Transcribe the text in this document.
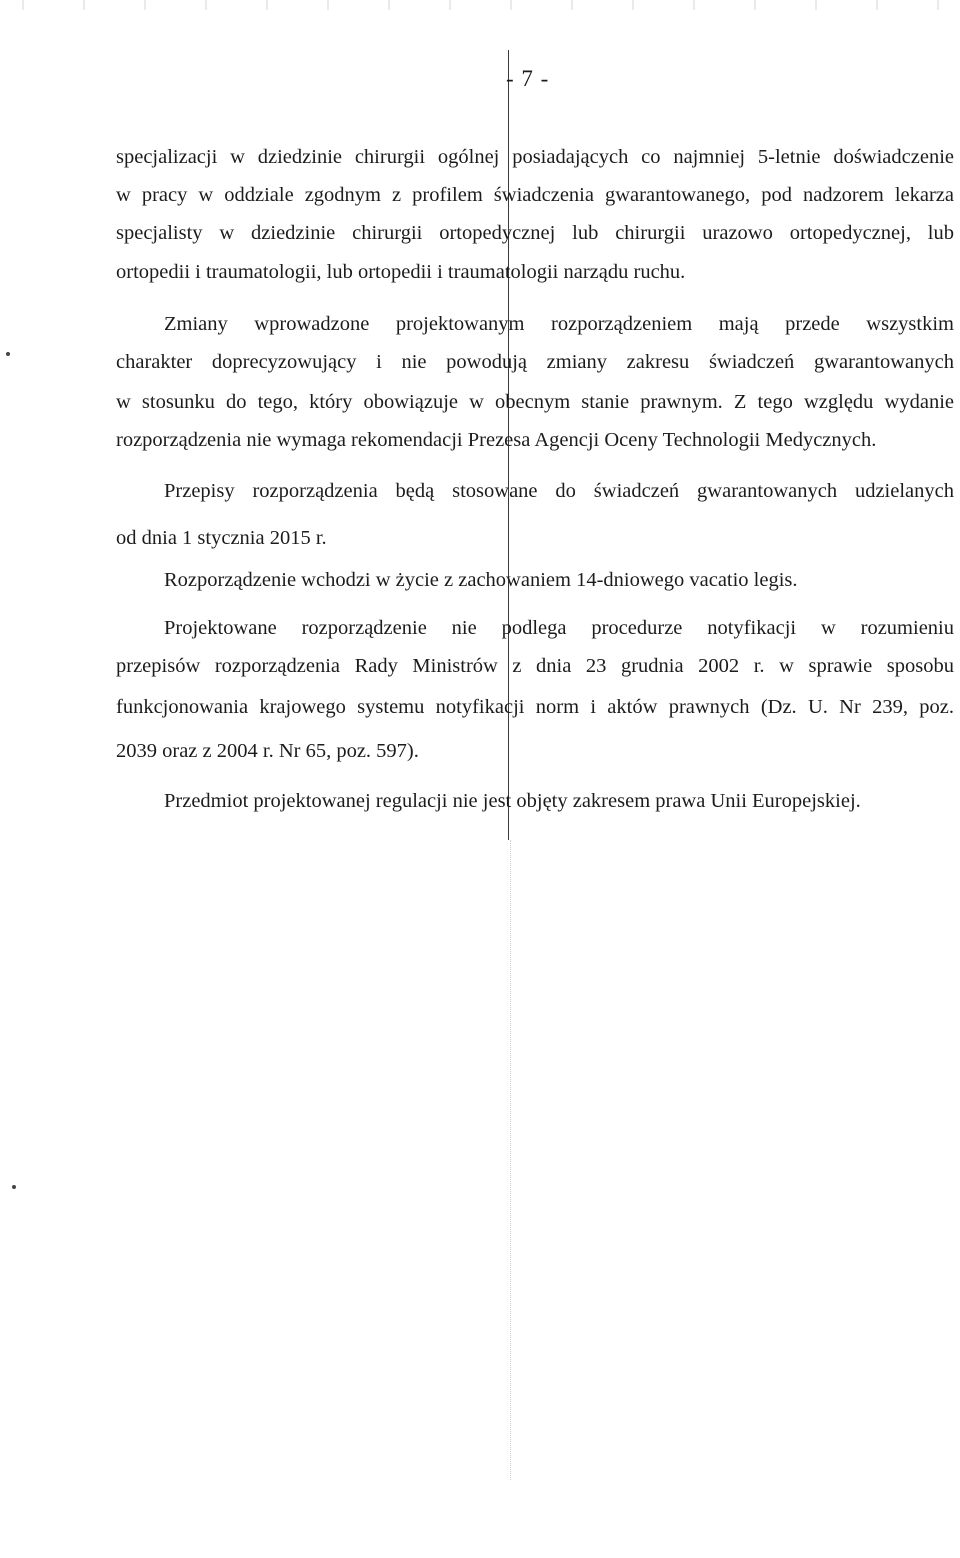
- 7 -
specjalizacji w dziedzinie chirurgii ogólnej posiadających co najmniej 5-letnie doświadczenie
w pracy w oddziale zgodnym z profilem świadczenia gwarantowanego, pod nadzorem lekarza
specjalisty w dziedzinie chirurgii ortopedycznej lub chirurgii urazowo ortopedycznej, lub
ortopedii i traumatologii, lub ortopedii i traumatologii narządu ruchu.
Zmiany wprowadzone projektowanym rozporządzeniem mają przede wszystkim
charakter doprecyzowujący i nie powodują zmiany zakresu świadczeń gwarantowanych
w stosunku do tego, który obowiązuje w obecnym stanie prawnym. Z tego względu wydanie
rozporządzenia nie wymaga rekomendacji Prezesa Agencji Oceny Technologii Medycznych.
Przepisy rozporządzenia będą stosowane do świadczeń gwarantowanych udzielanych
od dnia 1 stycznia 2015 r.
Rozporządzenie wchodzi w życie z zachowaniem 14-dniowego vacatio legis.
Projektowane rozporządzenie nie podlega procedurze notyfikacji w rozumieniu
przepisów rozporządzenia Rady Ministrów z dnia 23 grudnia 2002 r. w sprawie sposobu
funkcjonowania krajowego systemu notyfikacji norm i aktów prawnych (Dz. U. Nr 239, poz.
2039 oraz z 2004 r. Nr 65, poz. 597).
Przedmiot projektowanej regulacji nie jest objęty zakresem prawa Unii Europejskiej.
